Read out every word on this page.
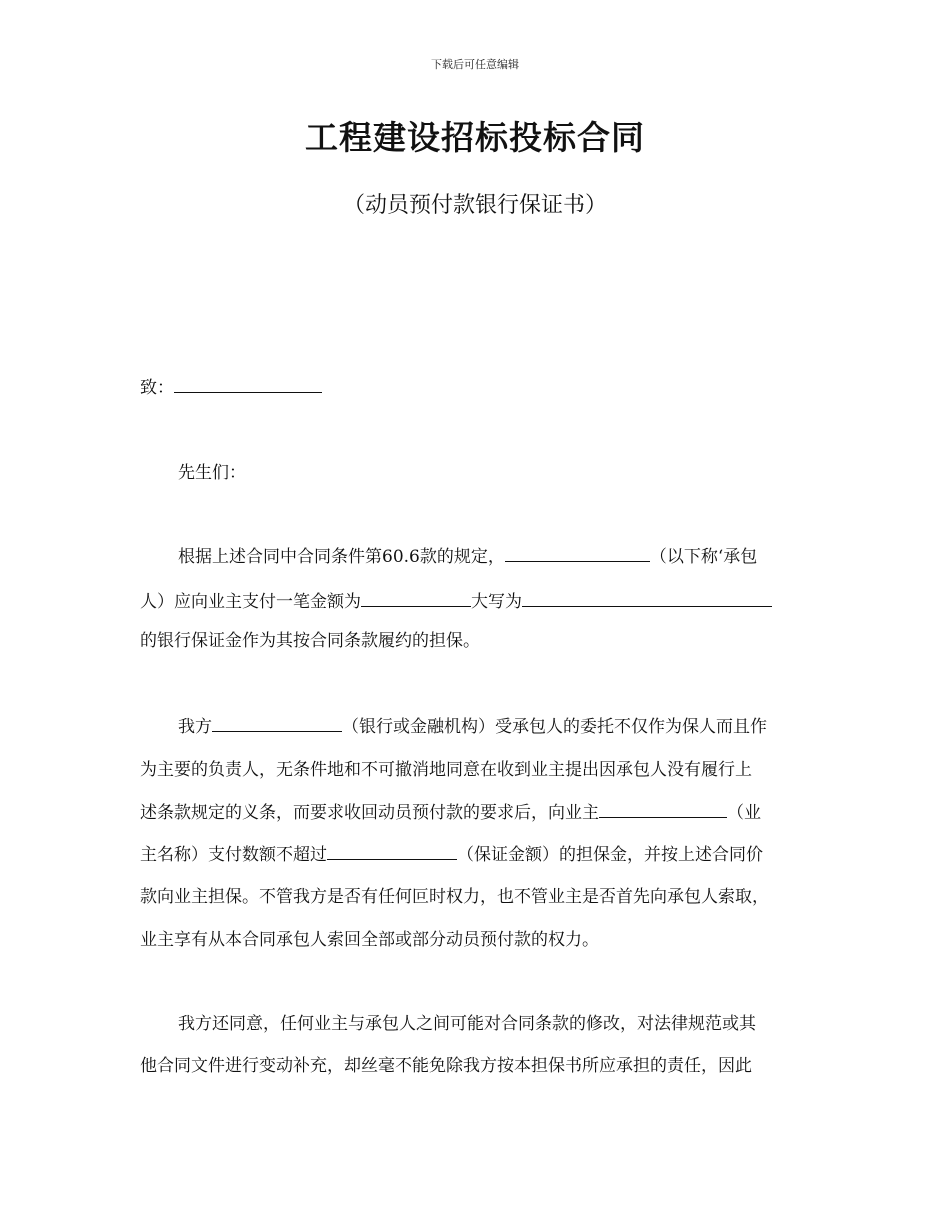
下载后可任意编辑
工程建设招标投标合同
（动员预付款银行保证书）
致：
先生们：
根据上述合同中合同条件第60.6款的规定，	（以下称‘承包
人）应向业主支付一笔金额为	大写为
的银行保证金作为其按合同条款履约的担保。
我方	（银行或金融机构）受承包人的委托不仅作为保人而且作
为主要的负责人，无条件地和不可撤消地同意在收到业主提出因承包人没有履行上
述条款规定的义条，而要求收回动员预付款的要求后，向业主	（业
主名称）支付数额不超过	（保证金额）的担保金，并按上述合同价
款向业主担保。不管我方是否有任何叵时权力，也不管业主是否首先向承包人索取，
业主享有从本合同承包人索回全部或部分动员预付款的权力。
我方还同意，任何业主与承包人之间可能对合同条款的修改，对法律规范或其
他合同文件进行变动补充，却丝毫不能免除我方按本担保书所应承担的责任，因此
